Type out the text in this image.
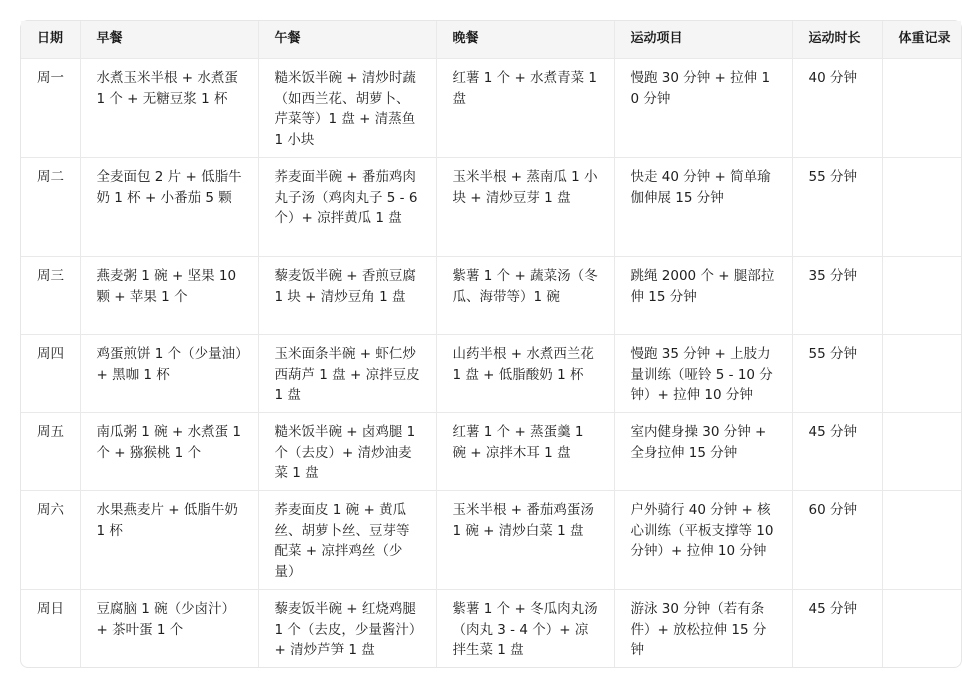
日期	早餐	午餐	晚餐	运动项目	运动时长	体重记录
周一	水煮玉米半根 + 水煮蛋 1 个 + 无糖豆浆 1 杯	糙米饭半碗 + 清炒时蔬（如西兰花、胡萝卜、芹菜等）1 盘 + 清蒸鱼 1 小块	红薯 1 个 + 水煮青菜 1 盘	慢跑 30 分钟 + 拉伸 10 分钟	40 分钟	
周二	全麦面包 2 片 + 低脂牛奶 1 杯 + 小番茄 5 颗	荞麦面半碗 + 番茄鸡肉丸子汤（鸡肉丸子 5 - 6 个）+ 凉拌黄瓜 1 盘	玉米半根 + 蒸南瓜 1 小块 + 清炒豆芽 1 盘	快走 40 分钟 + 简单瑜伽伸展 15 分钟	55 分钟	
周三	燕麦粥 1 碗 + 坚果 10 颗 + 苹果 1 个	藜麦饭半碗 + 香煎豆腐 1 块 + 清炒豆角 1 盘	紫薯 1 个 + 蔬菜汤（冬瓜、海带等）1 碗	跳绳 2000 个 + 腿部拉伸 15 分钟	35 分钟	
周四	鸡蛋煎饼 1 个（少量油）+ 黑咖 1 杯	玉米面条半碗 + 虾仁炒西葫芦 1 盘 + 凉拌豆皮 1 盘	山药半根 + 水煮西兰花 1 盘 + 低脂酸奶 1 杯	慢跑 35 分钟 + 上肢力量训练（哑铃 5 - 10 分钟）+ 拉伸 10 分钟	55 分钟	
周五	南瓜粥 1 碗 + 水煮蛋 1 个 + 猕猴桃 1 个	糙米饭半碗 + 卤鸡腿 1 个（去皮）+ 清炒油麦菜 1 盘	红薯 1 个 + 蒸蛋羹 1 碗 + 凉拌木耳 1 盘	室内健身操 30 分钟 + 全身拉伸 15 分钟	45 分钟	
周六	水果燕麦片 + 低脂牛奶 1 杯	荞麦面皮 1 碗 + 黄瓜丝、胡萝卜丝、豆芽等配菜 + 凉拌鸡丝（少量）	玉米半根 + 番茄鸡蛋汤 1 碗 + 清炒白菜 1 盘	户外骑行 40 分钟 + 核心训练（平板支撑等 10 分钟）+ 拉伸 10 分钟	60 分钟	
周日	豆腐脑 1 碗（少卤汁）+ 茶叶蛋 1 个	藜麦饭半碗 + 红烧鸡腿 1 个（去皮，少量酱汁）+ 清炒芦笋 1 盘	紫薯 1 个 + 冬瓜肉丸汤（肉丸 3 - 4 个）+ 凉拌生菜 1 盘	游泳 30 分钟（若有条件）+ 放松拉伸 15 分钟	45 分钟	
